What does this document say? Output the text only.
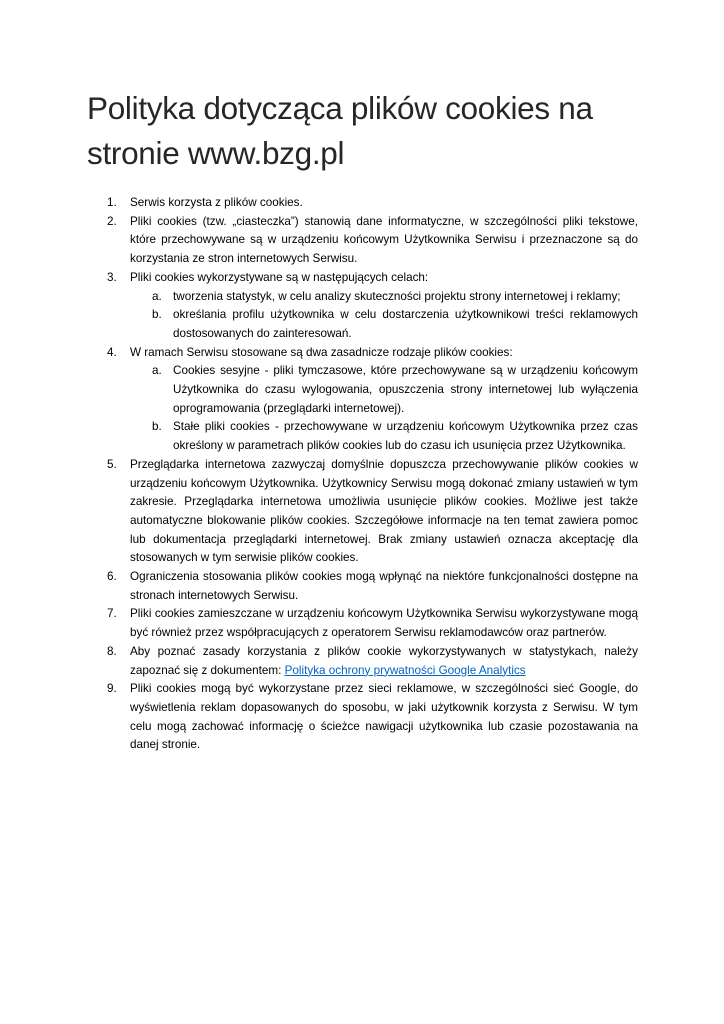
Polityka dotycząca plików cookies na stronie www.bzg.pl
1. Serwis korzysta z plików cookies.
2. Pliki cookies (tzw. „ciasteczka”) stanowią dane informatyczne, w szczególności pliki tekstowe, które przechowywane są w urządzeniu końcowym Użytkownika Serwisu i przeznaczone są do korzystania ze stron internetowych Serwisu.
3. Pliki cookies wykorzystywane są w następujących celach:
a. tworzenia statystyk, w celu analizy skuteczności projektu strony internetowej i reklamy;
b. określania profilu użytkownika w celu dostarczenia użytkownikowi treści reklamowych dostosowanych do zainteresowań.
4. W ramach Serwisu stosowane są dwa zasadnicze rodzaje plików cookies:
a. Cookies sesyjne - pliki tymczasowe, które przechowywane są w urządzeniu końcowym Użytkownika do czasu wylogowania, opuszczenia strony internetowej lub wyłączenia oprogramowania (przeglądarki internetowej).
b. Stałe pliki cookies - przechowywane w urządzeniu końcowym Użytkownika przez czas określony w parametrach plików cookies lub do czasu ich usunięcia przez Użytkownika.
5. Przeglądarka internetowa zazwyczaj domyślnie dopuszcza przechowywanie plików cookies w urządzeniu końcowym Użytkownika. Użytkownicy Serwisu mogą dokonać zmiany ustawień w tym zakresie. Przeglądarka internetowa umożliwia usunięcie plików cookies. Możliwe jest także automatyczne blokowanie plików cookies. Szczegółowe informacje na ten temat zawiera pomoc lub dokumentacja przeglądarki internetowej. Brak zmiany ustawień oznacza akceptację dla stosowanych w tym serwisie plików cookies.
6. Ograniczenia stosowania plików cookies mogą wpłynąć na niektóre funkcjonalności dostępne na stronach internetowych Serwisu.
7. Pliki cookies zamieszczane w urządzeniu końcowym Użytkownika Serwisu wykorzystywane mogą być również przez współpracujących z operatorem Serwisu reklamodawców oraz partnerów.
8. Aby poznać zasady korzystania z plików cookie wykorzystywanych w statystykach, należy zapoznać się z dokumentem: Polityka ochrony prywatności Google Analytics
9. Pliki cookies mogą być wykorzystane przez sieci reklamowe, w szczególności sieć Google, do wyświetlenia reklam dopasowanych do sposobu, w jaki użytkownik korzysta z Serwisu. W tym celu mogą zachować informację o ścieżce nawigacji użytkownika lub czasie pozostawania na danej stronie.
